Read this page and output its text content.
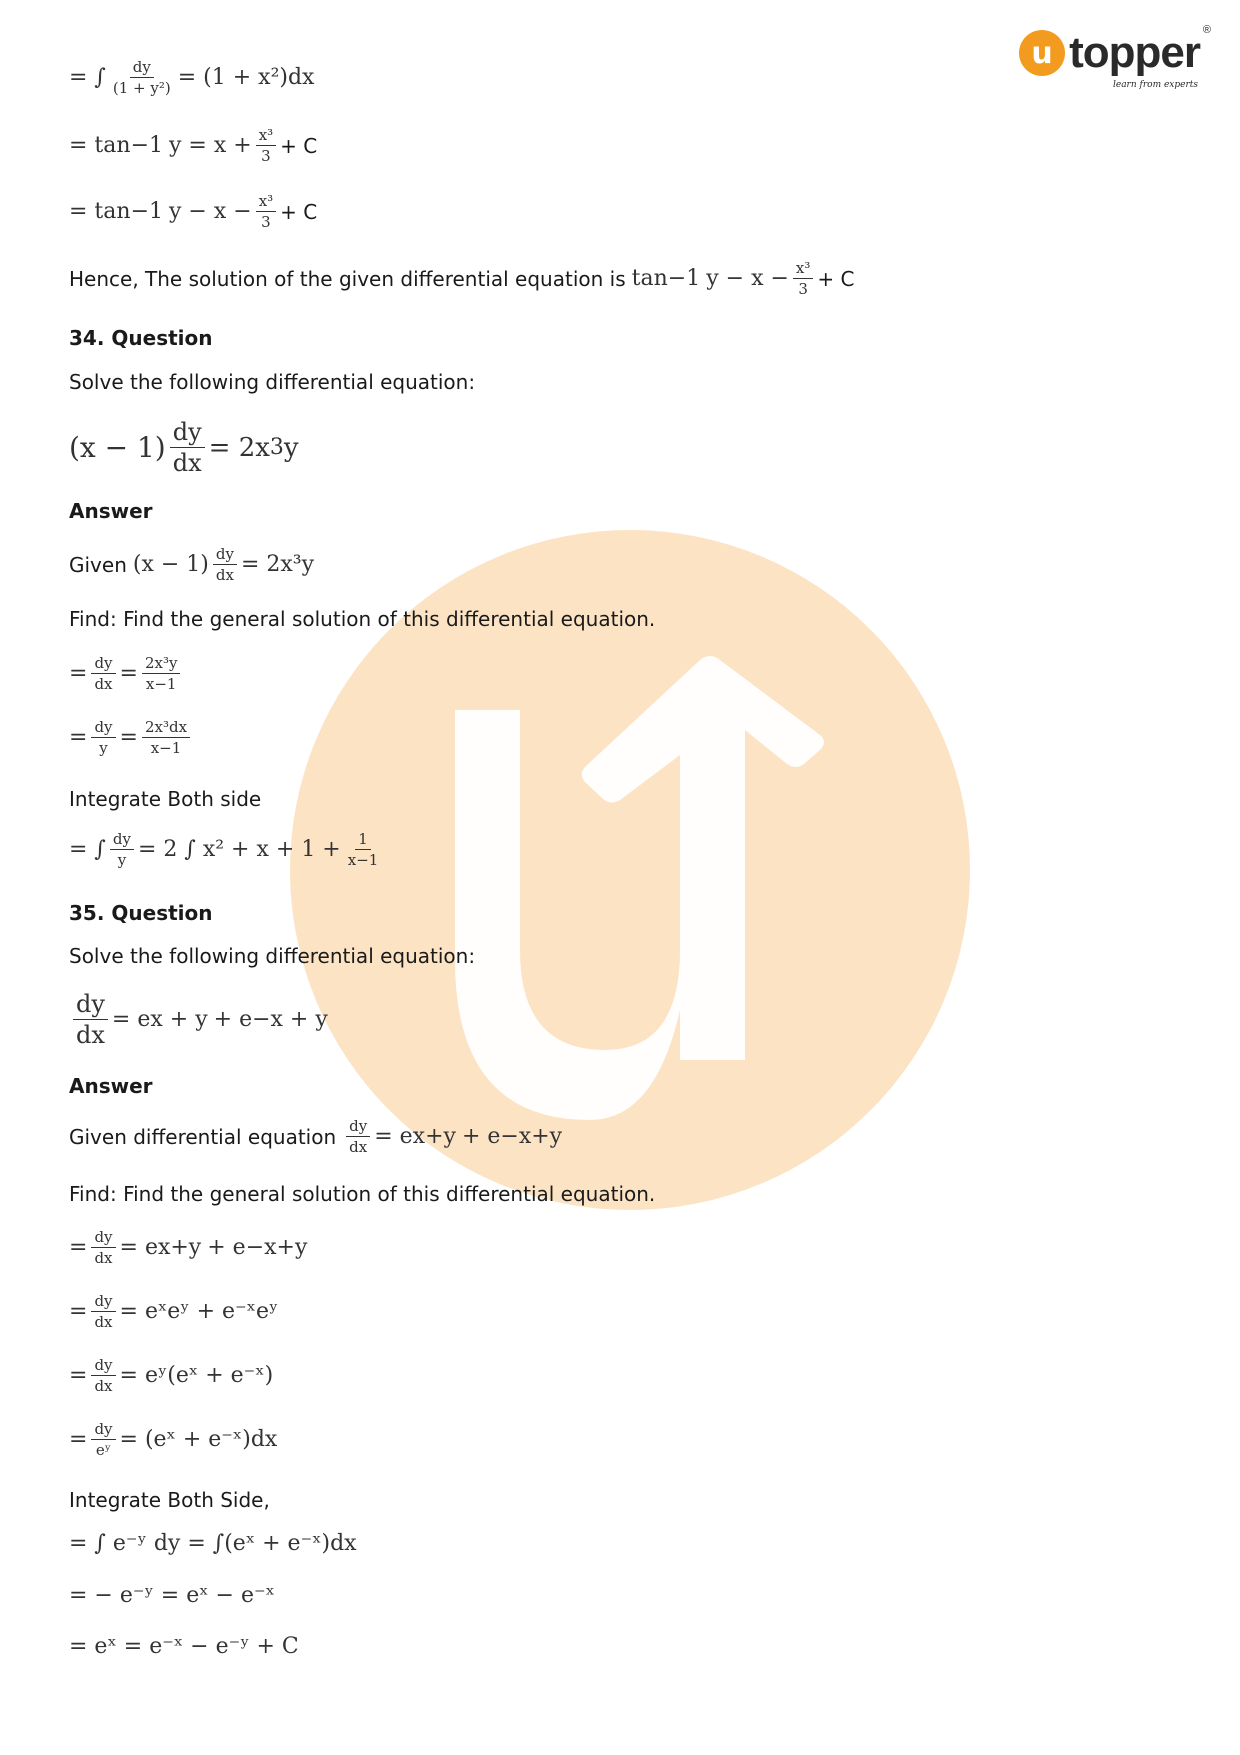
u topper
learn from experts
®
= ∫ $\frac{dy}{\text{(1 + y²)}} = (1 + x^2)dx$
= tan −1 $y = x + \frac{\text{x³}}{3} + C$
= tan −1 $y - x - \frac{\text{x³}}{3} + C$
Hence, The solution of the given differential equation is tan −1 $y - x - \frac{\text{x³}}{3} + C$
34. Question
Solve the following differential equation:
$(x - 1) \frac{dy}{dx} = 2x$ 3 y
Answer
Given $(x - 1) \frac{dy}{dx} = 2x^3y$
Find: Find the general solution of this differential equation.
= $\frac{dy}{dx} = \frac{\text{2x³y}}{x-1}$
= $\frac{dy}{y} = \frac{\text{2x³dx}}{x-1}$
Integrate Both side
= ∫ $\frac{dy}{y} = 2$ ∫ $x^2 + x + 1 + \frac{1}{x-1}$
35. Question
Solve the following differential equation:
$\frac{dy}{dx} = e$ x + y + e −x + y
Answer
Given differential equation $\frac{dy}{dx} = e$ x+y + e −x+y
Find: Find the general solution of this differential equation.
= $\frac{dy}{dx} = e$ x+y + e −x+y
= $\frac{dy}{dx}$ = eˣeʸ + e⁻ˣeʸ
= $\frac{dy}{dx}$ = eʸ(eˣ + e⁻ˣ)
= $\frac{dy}{\text{eʸ}}$ = (eˣ + e⁻ˣ)dx
Integrate Both Side,
= ∫ e⁻ʸ dy = ∫(eˣ + e⁻ˣ)dx
= − e⁻ʸ = eˣ − e⁻ˣ
= eˣ = e⁻ˣ − e⁻ʸ + C
